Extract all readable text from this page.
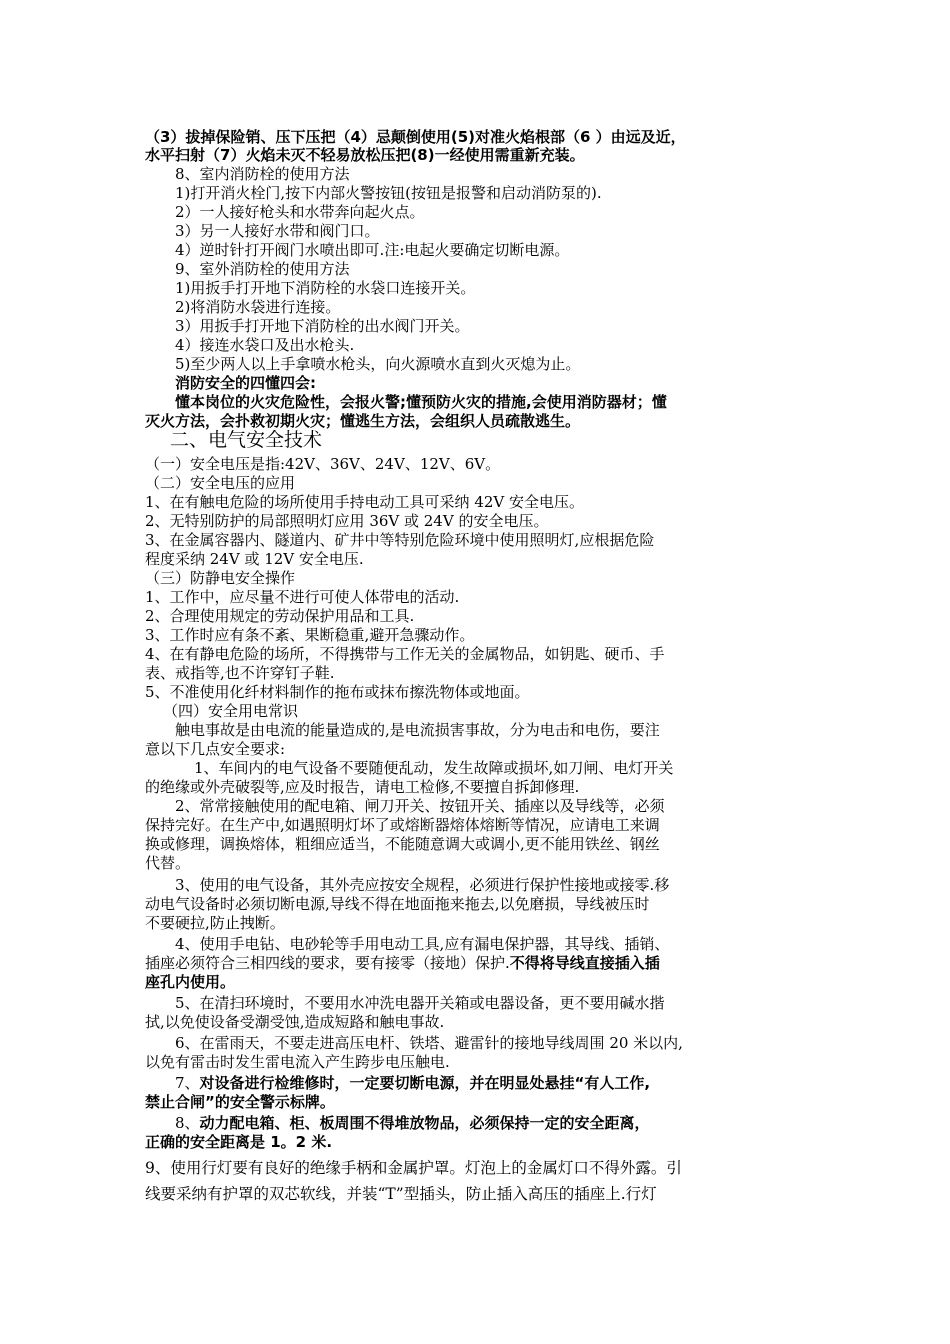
（3）拔掉保险销、压下压把（4）忌颠倒使用(5)对准火焰根部（6 ）由远及近，
水平扫射（7）火焰未灭不轻易放松压把(8)一经使用需重新充装。
8、室内消防栓的使用方法
1)打开消火栓门,按下内部火警按钮(按钮是报警和启动消防泵的).
2）一人接好枪头和水带奔向起火点。
3）另一人接好水带和阀门口。
4）逆时针打开阀门水喷出即可.注:电起火要确定切断电源。
9、室外消防栓的使用方法
1)用扳手打开地下消防栓的水袋口连接开关。
2)将消防水袋进行连接。
3）用扳手打开地下消防栓的出水阀门开关。
4）接连水袋口及出水枪头.
5)至少两人以上手拿喷水枪头，向火源喷水直到火灭熄为止。
消防安全的四懂四会:
懂本岗位的火灾危险性，会报火警;懂预防火灾的措施,会使用消防器材；懂
灭火方法，会扑救初期火灾；懂逃生方法，会组织人员疏散逃生。
二、电气安全技术
（一）安全电压是指:42V、36V、24V、12V、6V。
（二）安全电压的应用
1、在有触电危险的场所使用手持电动工具可采纳 42V 安全电压。
2、无特别防护的局部照明灯应用 36V 或 24V 的安全电压。
3、在金属容器内、隧道内、矿井中等特别危险环境中使用照明灯,应根据危险
程度采纳 24V 或 12V 安全电压.
（三）防静电安全操作
1、工作中，应尽量不进行可使人体带电的活动.
2、合理使用规定的劳动保护用品和工具.
3、工作时应有条不紊、果断稳重,避开急骤动作。
4、在有静电危险的场所，不得携带与工作无关的金属物品，如钥匙、硬币、手
表、戒指等,也不许穿钉子鞋.
5、不准使用化纤材料制作的拖布或抹布擦洗物体或地面。
（四）安全用电常识
触电事故是由电流的能量造成的,是电流损害事故，分为电击和电伤，要注
意以下几点安全要求:
1、车间内的电气设备不要随便乱动，发生故障或损坏,如刀闸、电灯开关
的绝缘或外壳破裂等,应及时报告，请电工检修,不要擅自拆卸修理.
2、常常接触使用的配电箱、闸刀开关、按钮开关、插座以及导线等，必须
保持完好。在生产中,如遇照明灯坏了或熔断器熔体熔断等情况，应请电工来调
换或修理，调换熔体，粗细应适当，不能随意调大或调小,更不能用铁丝、钢丝
代替。
3、使用的电气设备，其外壳应按安全规程，必须进行保护性接地或接零.移
动电气设备时必须切断电源,导线不得在地面拖来拖去,以免磨损，导线被压时
不要硬拉,防止拽断。
4、使用手电钻、电砂轮等手用电动工具,应有漏电保护器，其导线、插销、
插座必须符合三相四线的要求，要有接零（接地）保护.不得将导线直接插入插
座孔内使用。
5、在清扫环境时，不要用水冲洗电器开关箱或电器设备，更不要用碱水揩
拭,以免使设备受潮受蚀,造成短路和触电事故.
6、在雷雨天，不要走进高压电杆、铁塔、避雷针的接地导线周围 20 米以内,
以免有雷击时发生雷电流入产生跨步电压触电.
7、对设备进行检维修时，一定要切断电源，并在明显处悬挂“有人工作,
禁止合闸”的安全警示标牌。
8、动力配电箱、柜、板周围不得堆放物品，必须保持一定的安全距离，
正确的安全距离是 1。2 米.
9、使用行灯要有良好的绝缘手柄和金属护罩。灯泡上的金属灯口不得外露。引
线要采纳有护罩的双芯软线，并装“T”型插头，防止插入高压的插座上.行灯
